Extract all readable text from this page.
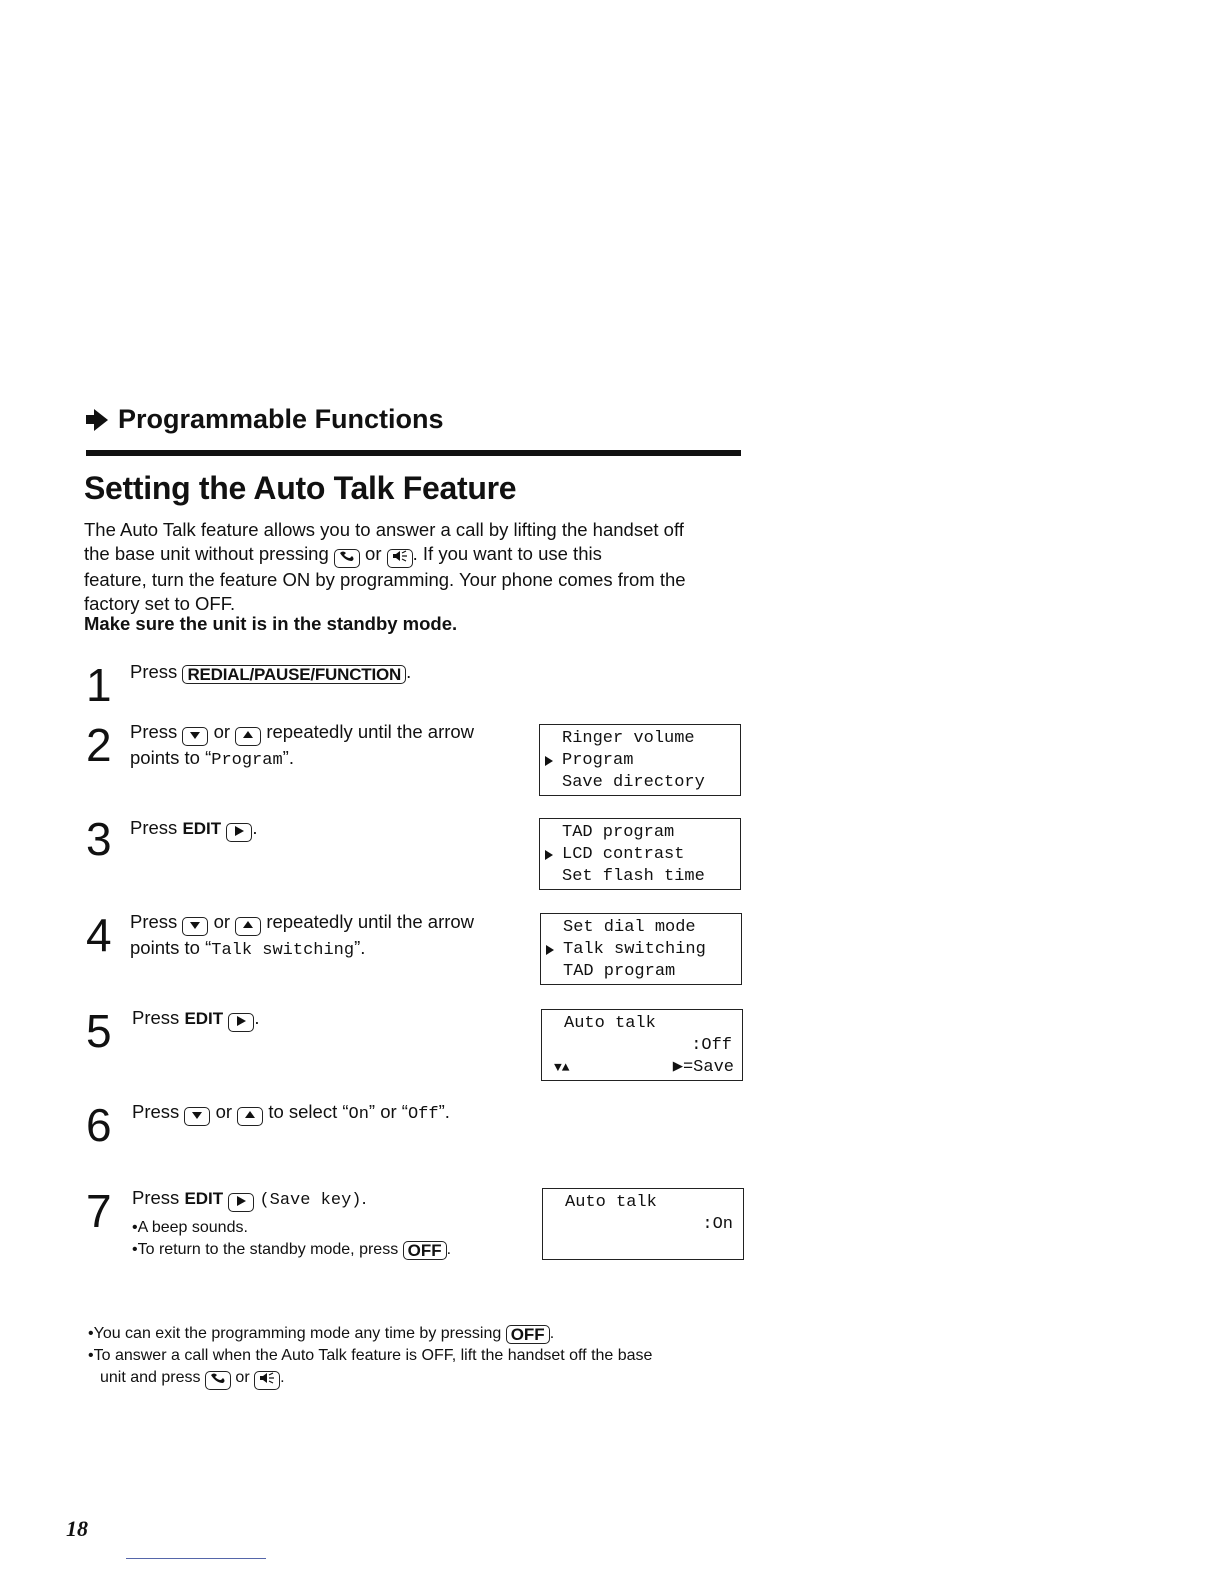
Programmable Functions
Setting the Auto Talk Feature
The Auto Talk feature allows you to answer a call by lifting the handset off
the base unit without pressing or . If you want to use this
feature, turn the feature ON by programming. Your phone comes from the
factory set to OFF.
Make sure the unit is in the standby mode.
1 Press REDIAL/PAUSE/FUNCTION .
2 Press or repeatedly until the arrow
points to “Program”.
Ringer volume
Program
Save directory
3 Press EDIT .	TAD program
LCD contrast
Set flash time
4 Press or repeatedly until the arrow
points to “Talk switching”.
Set dial mode
Talk switching
TAD program
5 Press EDIT .	Auto talk
:Off
▼▲	▶=Save
6 Press or to select “On” or “Off”.
7 Press EDIT (Save key).
•A beep sounds.
•To return to the standby mode, press OFF .
Auto talk
:On
•You can exit the programming mode any time by pressing OFF .
•To answer a call when the Auto Talk feature is OFF, lift the handset off the base
unit and press or .
18
